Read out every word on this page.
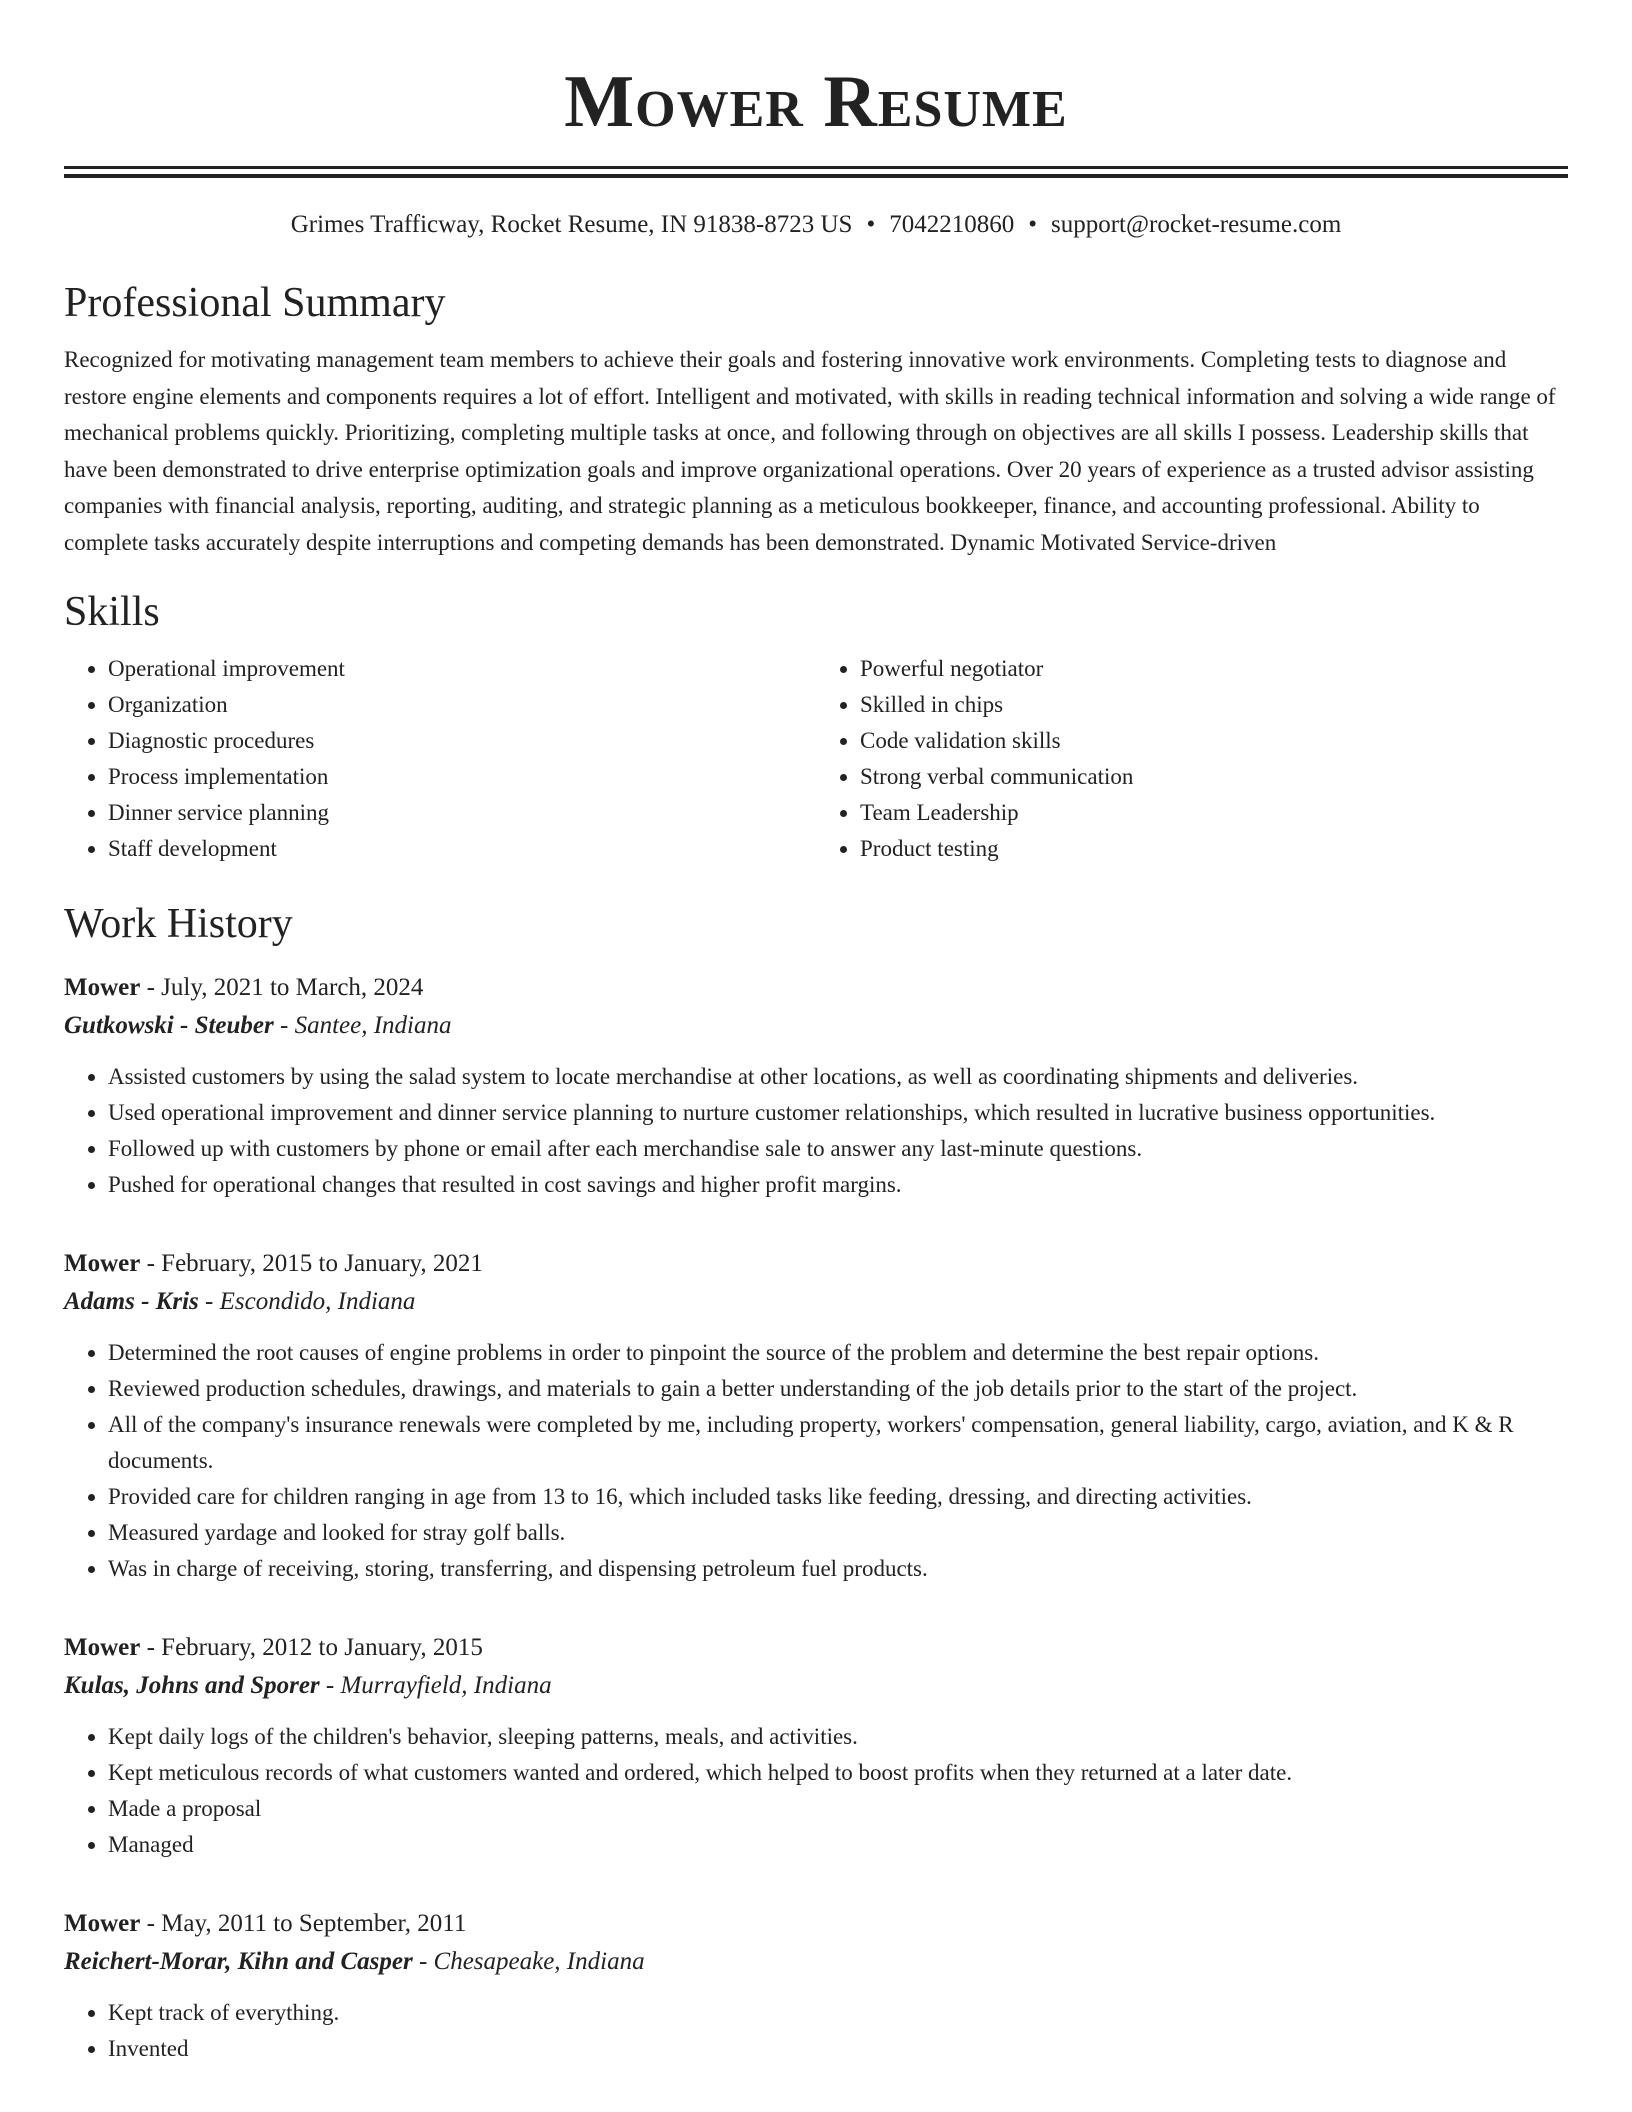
Mower Resume
Grimes Trafficway, Rocket Resume, IN 91838-8723 US • 7042210860 • support@rocket-resume.com
Professional Summary
Recognized for motivating management team members to achieve their goals and fostering innovative work environments. Completing tests to diagnose and restore engine elements and components requires a lot of effort. Intelligent and motivated, with skills in reading technical information and solving a wide range of mechanical problems quickly. Prioritizing, completing multiple tasks at once, and following through on objectives are all skills I possess. Leadership skills that have been demonstrated to drive enterprise optimization goals and improve organizational operations. Over 20 years of experience as a trusted advisor assisting companies with financial analysis, reporting, auditing, and strategic planning as a meticulous bookkeeper, finance, and accounting professional. Ability to complete tasks accurately despite interruptions and competing demands has been demonstrated. Dynamic Motivated Service-driven
Skills
• Operational improvement
• Organization
• Diagnostic procedures
• Process implementation
• Dinner service planning
• Staff development
• Powerful negotiator
• Skilled in chips
• Code validation skills
• Strong verbal communication
• Team Leadership
• Product testing
Work History
Mower - July, 2021 to March, 2024
Gutkowski - Steuber - Santee, Indiana
• Assisted customers by using the salad system to locate merchandise at other locations, as well as coordinating shipments and deliveries.
• Used operational improvement and dinner service planning to nurture customer relationships, which resulted in lucrative business opportunities.
• Followed up with customers by phone or email after each merchandise sale to answer any last-minute questions.
• Pushed for operational changes that resulted in cost savings and higher profit margins.
Mower - February, 2015 to January, 2021
Adams - Kris - Escondido, Indiana
• Determined the root causes of engine problems in order to pinpoint the source of the problem and determine the best repair options.
• Reviewed production schedules, drawings, and materials to gain a better understanding of the job details prior to the start of the project.
• All of the company's insurance renewals were completed by me, including property, workers' compensation, general liability, cargo, aviation, and K & R documents.
• Provided care for children ranging in age from 13 to 16, which included tasks like feeding, dressing, and directing activities.
• Measured yardage and looked for stray golf balls.
• Was in charge of receiving, storing, transferring, and dispensing petroleum fuel products.
Mower - February, 2012 to January, 2015
Kulas, Johns and Sporer - Murrayfield, Indiana
• Kept daily logs of the children's behavior, sleeping patterns, meals, and activities.
• Kept meticulous records of what customers wanted and ordered, which helped to boost profits when they returned at a later date.
• Made a proposal
• Managed
Mower - May, 2011 to September, 2011
Reichert-Morar, Kihn and Casper - Chesapeake, Indiana
• Kept track of everything.
• Invented
